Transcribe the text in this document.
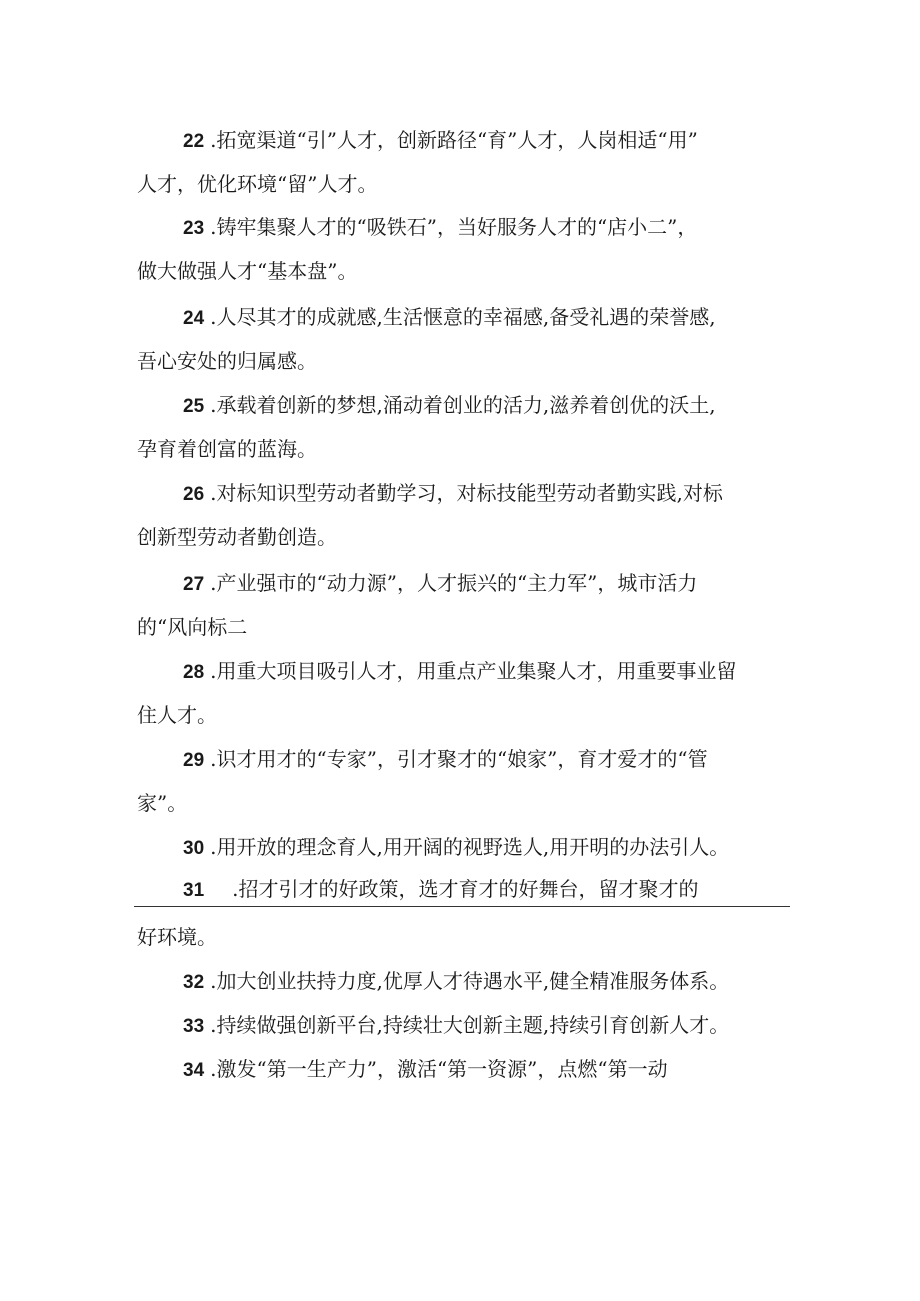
22 .拓宽渠道“引”人才，创新路径“育”人才，人岗相适“用”
人才，优化环境“留”人才。
23 .铸牢集聚人才的“吸铁石”，当好服务人才的“店小二”，
做大做强人才“基本盘”。
24 .人尽其才的成就感,生活惬意的幸福感,备受礼遇的荣誉感,
吾心安处的归属感。
25 .承载着创新的梦想,涌动着创业的活力,滋养着创优的沃土,
孕育着创富的蓝海。
26 .对标知识型劳动者勤学习，对标技能型劳动者勤实践,对标
创新型劳动者勤创造。
27 .产业强市的“动力源”，人才振兴的“主力军”，城市活力
的“风向标二
28 .用重大项目吸引人才，用重点产业集聚人才，用重要事业留
住人才。
29 .识才用才的“专家”，引才聚才的“娘家”，育才爱才的“管
家”。
30 .用开放的理念育人,用开阔的视野选人,用开明的办法引人。
31 .招才引才的好政策，选才育才的好舞台，留才聚才的
好环境。
32 .加大创业扶持力度,优厚人才待遇水平,健全精准服务体系。
33 .持续做强创新平台,持续壮大创新主题,持续引育创新人才。
34 .激发“第一生产力”，激活“第一资源”，点燃“第一动
